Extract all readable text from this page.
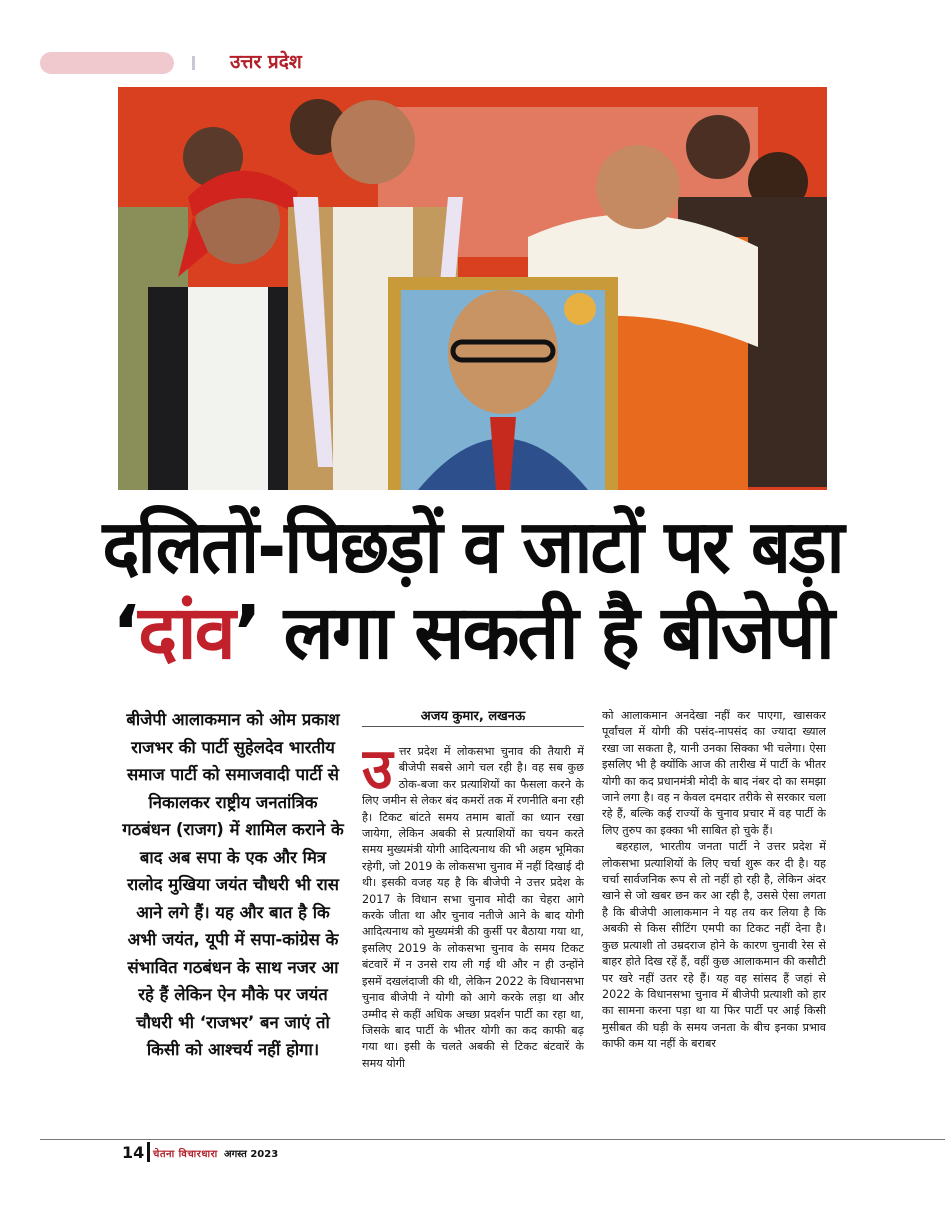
उत्तर प्रदेश
दलितों-पिछड़ों व जाटों पर बड़ा
‘दांव’ लगा सकती है बीजेपी
बीजेपी आलाकमान को ओम प्रकाश राजभर की पार्टी सुहेलदेव भारतीय समाज पार्टी को समाजवादी पार्टी से निकालकर राष्ट्रीय जनतांत्रिक गठबंधन (राजग) में शामिल कराने के बाद अब सपा के एक और मित्र रालोद मुखिया जयंत चौधरी भी रास आने लगे हैं। यह और बात है कि अभी जयंत, यूपी में सपा-कांग्रेस के संभावित गठबंधन के साथ नजर आ रहे हैं लेकिन ऐन मौके पर जयंत चौधरी भी ‘राजभर’ बन जाएं तो किसी को आश्चर्य नहीं होगा।
अजय कुमार, लखनऊ
उ त्तर प्रदेश में लोकसभा चुनाव की तैयारी में बीजेपी सबसे आगे चल रही है। वह सब कुछ ठोक-बजा कर प्रत्याशियों का फैसला करने के लिए जमीन से लेकर बंद कमरों तक में रणनीति बना रही है। टिकट बांटते समय तमाम बातों का ध्यान रखा जायेगा, लेकिन अबकी से प्रत्याशियों का चयन करते समय मुख्यमंत्री योगी आदित्यनाथ की भी अहम भूमिका रहेगी, जो 2019 के लोकसभा चुनाव में नहीं दिखाई दी थी। इसकी वजह यह है कि बीजेपी ने उत्तर प्रदेश के 2017 के विधान सभा चुनाव मोदी का चेहरा आगे करके जीता था और चुनाव नतीजे आने के बाद योगी आदित्यनाथ को मुख्यमंत्री की कुर्सी पर बैठाया गया था, इसलिए 2019 के लोकसभा चुनाव के समय टिकट बंटवारें में न उनसे राय ली गई थी और न ही उन्होंने इसमें दखलंदाजी की थी, लेकिन 2022 के विधानसभा चुनाव बीजेपी ने योगी को आगे करके लड़ा था और उम्मीद से कहीं अधिक अच्छा प्रदर्शन पार्टी का रहा था, जिसके बाद पार्टी के भीतर योगी का कद काफी बढ़ गया था। इसी के चलते अबकी से टिकट बंटवारें के समय योगी

को आलाकमान अनदेखा नहीं कर पाएगा, खासकर पूर्वांचल में योगी की पसंद-नापसंद का ज्यादा ख्याल रखा जा सकता है, यानी उनका सिक्का भी चलेगा। ऐसा इसलिए भी है क्योंकि आज की तारीख में पार्टी के भीतर योगी का कद प्रधानमंत्री मोदी के बाद नंबर दो का समझा जाने लगा है। वह न केवल दमदार तरीके से सरकार चला रहे हैं, बल्कि कई राज्यों के चुनाव प्रचार में वह पार्टी के लिए तुरुप का इक्का भी साबित हो चुके हैं।

बहरहाल, भारतीय जनता पार्टी ने उत्तर प्रदेश में लोकसभा प्रत्याशियों के लिए चर्चा शुरू कर दी है। यह चर्चा सार्वजनिक रूप से तो नहीं हो रही है, लेकिन अंदर खाने से जो खबर छन कर आ रही है, उससे ऐसा लगता है कि बीजेपी आलाकमान ने यह तय कर लिया है कि अबकी से किस सीटिंग एमपी का टिकट नहीं देना है। कुछ प्रत्याशी तो उम्रदराज होने के कारण चुनावी रेस से बाहर होते दिख रहें हैं, वहीं कुछ आलाकमान की कसौटी पर खरे नहीं उतर रहे हैं। यह वह सांसद हैं जहां से 2022 के विधानसभा चुनाव में बीजेपी प्रत्याशी को हार का सामना करना पड़ा था या फिर पार्टी पर आई किसी मुसीबत की घड़ी के समय जनता के बीच इनका प्रभाव काफी कम या नहीं के बराबर

14 चेतना विचारधारा अगस्त 2023
